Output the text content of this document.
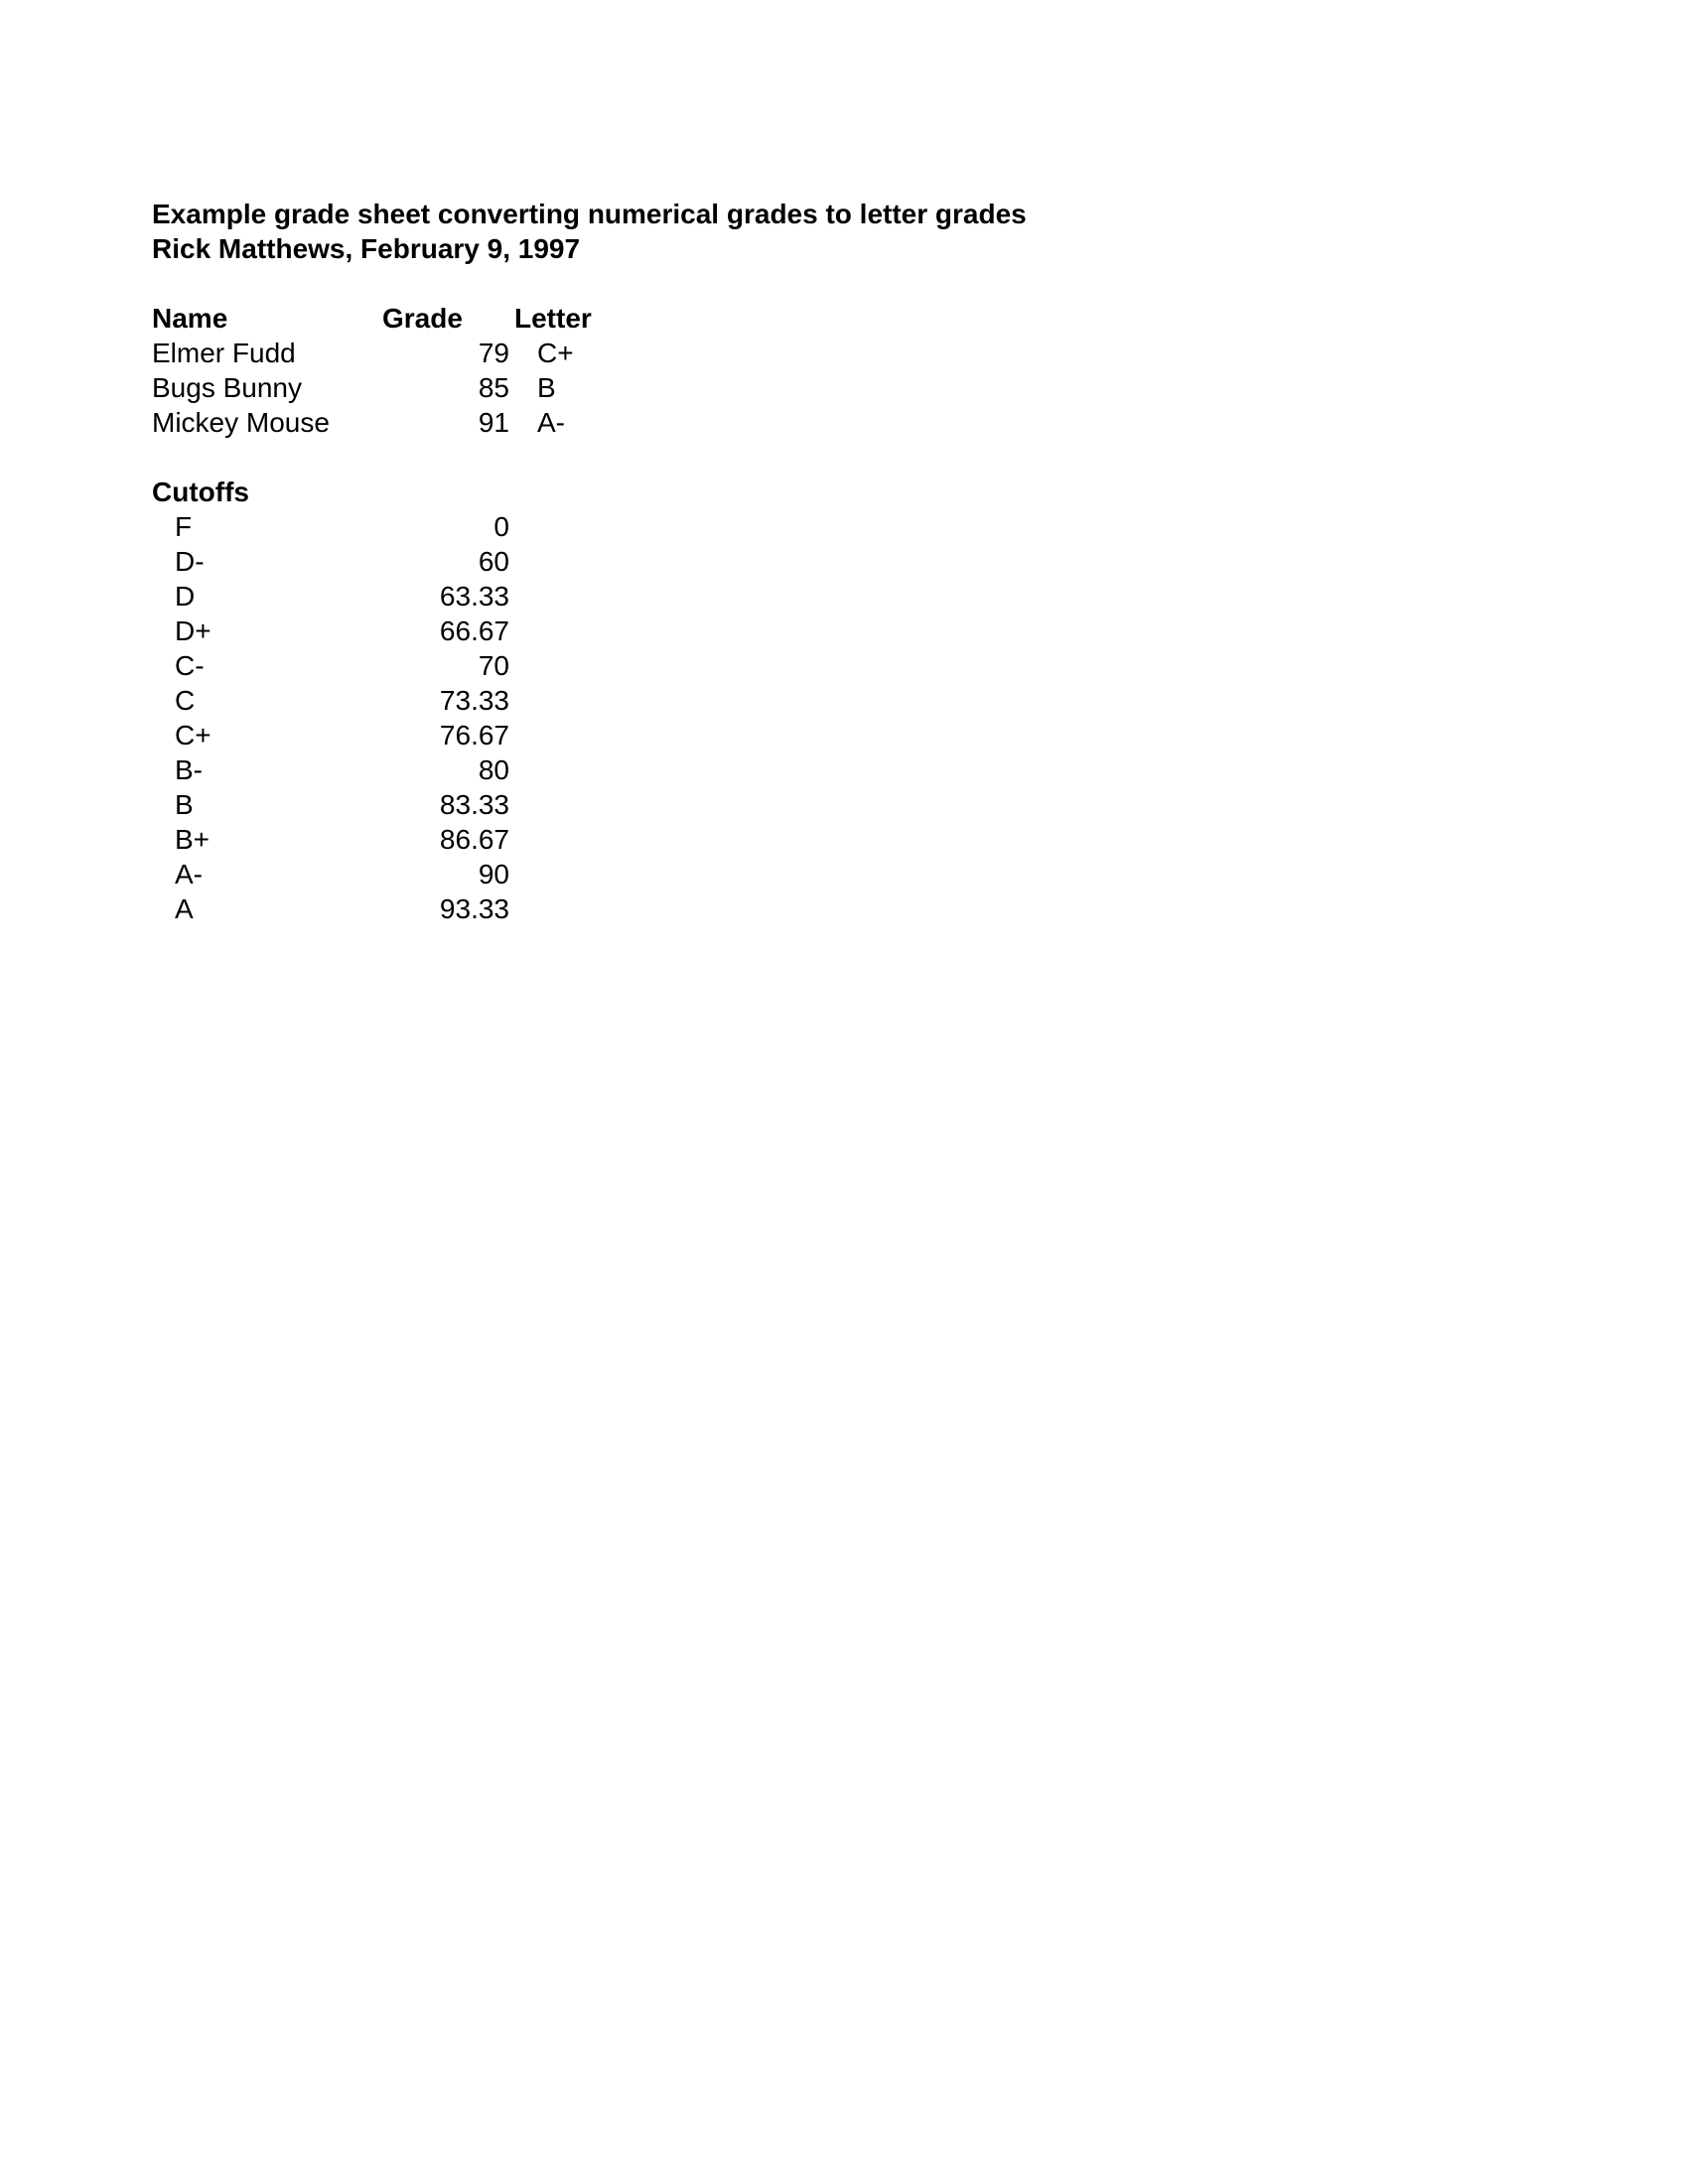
Example grade sheet converting numerical grades to letter grades
Rick Matthews, February 9, 1997
Name	Grade Letter
Elmer Fudd	79 C+
Bugs Bunny	85 B
Mickey Mouse	91 A-
Cutoffs
F	0
D-	60
D	63.33
D+	66.67
C-	70
C	73.33
C+	76.67
B-	80
B	83.33
B+	86.67
A-	90
A	93.33
